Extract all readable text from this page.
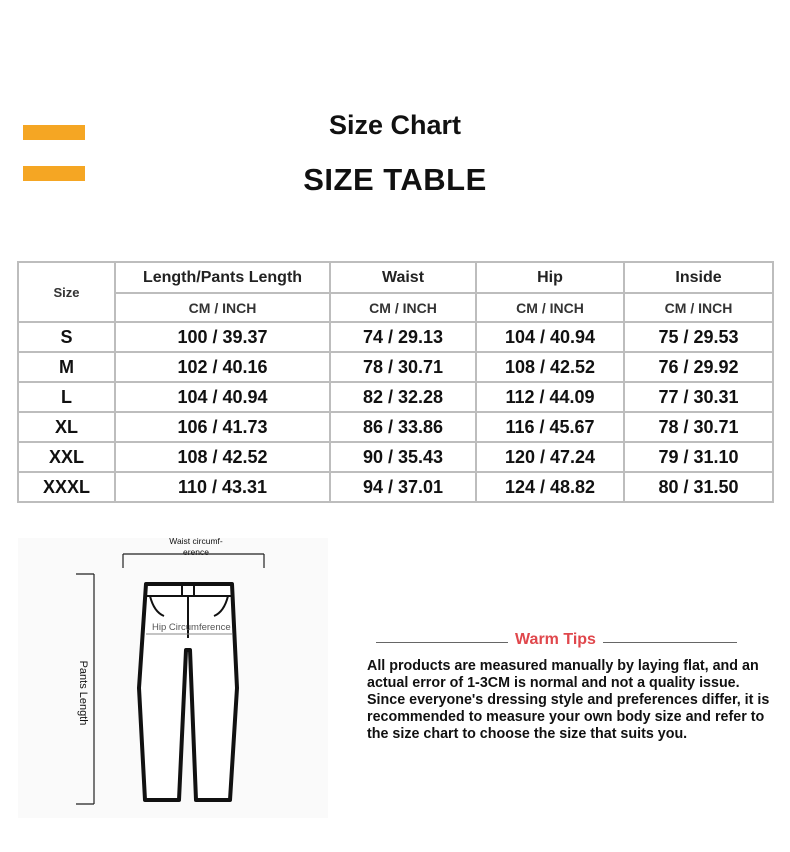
Size Chart
SIZE TABLE
Size	Length/Pants Length	Waist	Hip	Inside
	CM / INCH	CM / INCH	CM / INCH	CM / INCH
S	100 / 39.37	74 / 29.13	104 / 40.94	75 / 29.53
M	102 / 40.16	78 / 30.71	108 / 42.52	76 / 29.92
L	104 / 40.94	82 / 32.28	112 / 44.09	77 / 30.31
XL	106 / 41.73	86 / 33.86	116 / 45.67	78 / 30.71
XXL	108 / 42.52	90 / 35.43	120 / 47.24	79 / 31.10
XXXL	110 / 43.31	94 / 37.01	124 / 48.82	80 / 31.50
Waist circumf-erence
Hip Circumference
Pants Length
Warm Tips
All products are measured manually by laying flat, and an actual error of 1-3CM is normal and not a quality issue. Since everyone's dressing style and preferences differ, it is recommended to measure your own body size and refer to the size chart to choose the size that suits you.
